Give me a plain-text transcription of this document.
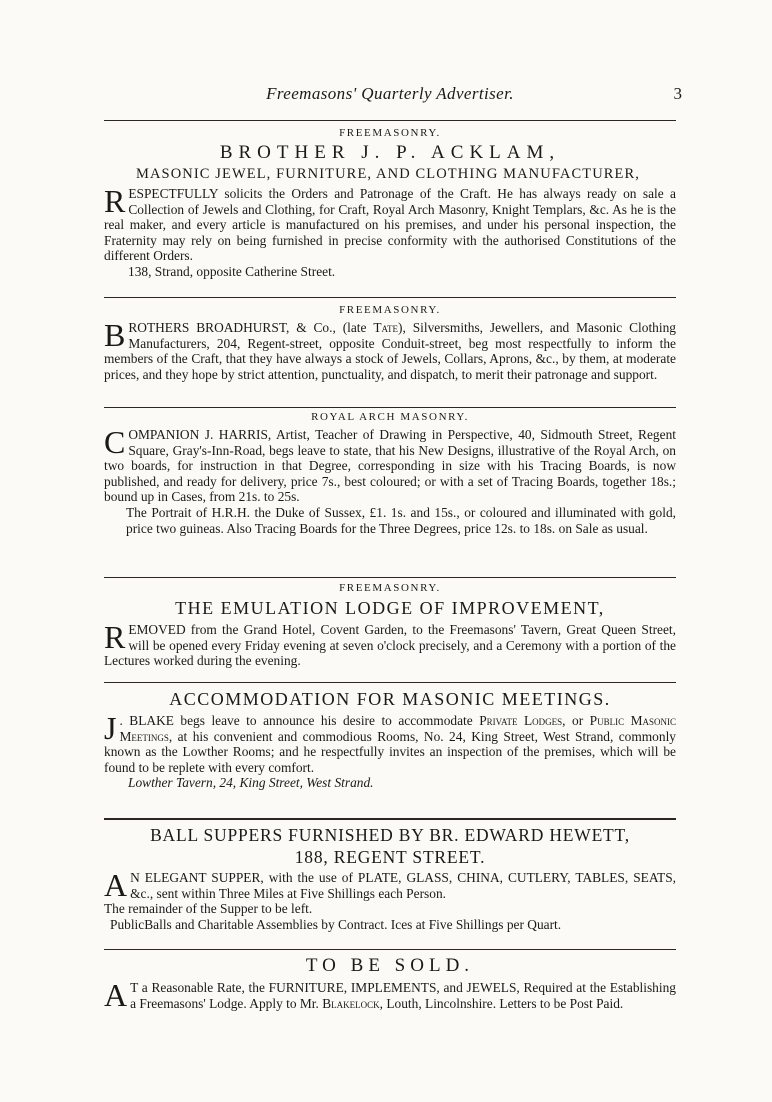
Freemasons' Quarterly Advertiser.	3
FREEMASONRY.
BROTHER J. P. ACKLAM,
MASONIC JEWEL, FURNITURE, AND CLOTHING MANUFACTURER,

RESPECTFULLY solicits the Orders and Patronage of the Craft. He has always ready on sale a Collection of Jewels and Clothing, for Craft, Royal Arch Masonry, Knight Templars, &c. As he is the real maker, and every article is manufactured on his premises, and under his personal inspection, the Fraternity may rely on being furnished in precise conformity with the authorised Constitutions of the different Orders.

138, Strand, opposite Catherine Street.

FREEMASONRY.

BROTHERS BROADHURST, & Co., (late Tate), Silversmiths, Jewellers, and Masonic Clothing Manufacturers, 204, Regent-street, opposite Conduit-street, beg most respectfully to inform the members of the Craft, that they have always a stock of Jewels, Collars, Aprons, &c., by them, at moderate prices, and they hope by strict attention, punctuality, and dispatch, to merit their patronage and support.

ROYAL ARCH MASONRY.

COMPANION J. HARRIS, Artist, Teacher of Drawing in Perspective, 40, Sidmouth Street, Regent Square, Gray's-Inn-Road, begs leave to state, that his New Designs, illustrative of the Royal Arch, on two boards, for instruction in that Degree, corresponding in size with his Tracing Boards, is now published, and ready for delivery, price 7s., best coloured; or with a set of Tracing Boards, together 18s.; bound up in Cases, from 21s. to 25s.

The Portrait of H.R.H. the Duke of Sussex, £1. 1s. and 15s., or coloured and illuminated with gold, price two guineas. Also Tracing Boards for the Three Degrees, price 12s. to 18s. on Sale as usual.

FREEMASONRY.
THE EMULATION LODGE OF IMPROVEMENT,

REMOVED from the Grand Hotel, Covent Garden, to the Freemasons' Tavern, Great Queen Street, will be opened every Friday evening at seven o'clock precisely, and a Ceremony with a portion of the Lectures worked during the evening.

ACCOMMODATION FOR MASONIC MEETINGS.

J . BLAKE begs leave to announce his desire to accommodate Private Lodges, or Public Masonic Meetings, at his convenient and commodious Rooms, No. 24, King Street, West Strand, commonly known as the Lowther Rooms; and he respectfully invites an inspection of the premises, which will be found to be replete with every comfort.

Lowther Tavern, 24, King Street, West Strand.

BALL SUPPERS FURNISHED BY BR. EDWARD HEWETT,
188, REGENT STREET.

A N ELEGANT SUPPER, with the use of PLATE, GLASS, CHINA, CUTLERY, TABLES, SEATS, &c., sent within Three Miles at Five Shillings each Person.

The remainder of the Supper to be left.

PublicBalls and Charitable Assemblies by Contract. Ices at Five Shillings per Quart.

TO BE SOLD.

A T a Reasonable Rate, the FURNITURE, IMPLEMENTS, and JEWELS, Required at the Establishing a Freemasons' Lodge. Apply to Mr. Blakelock, Louth, Lincolnshire. Letters to be Post Paid.
